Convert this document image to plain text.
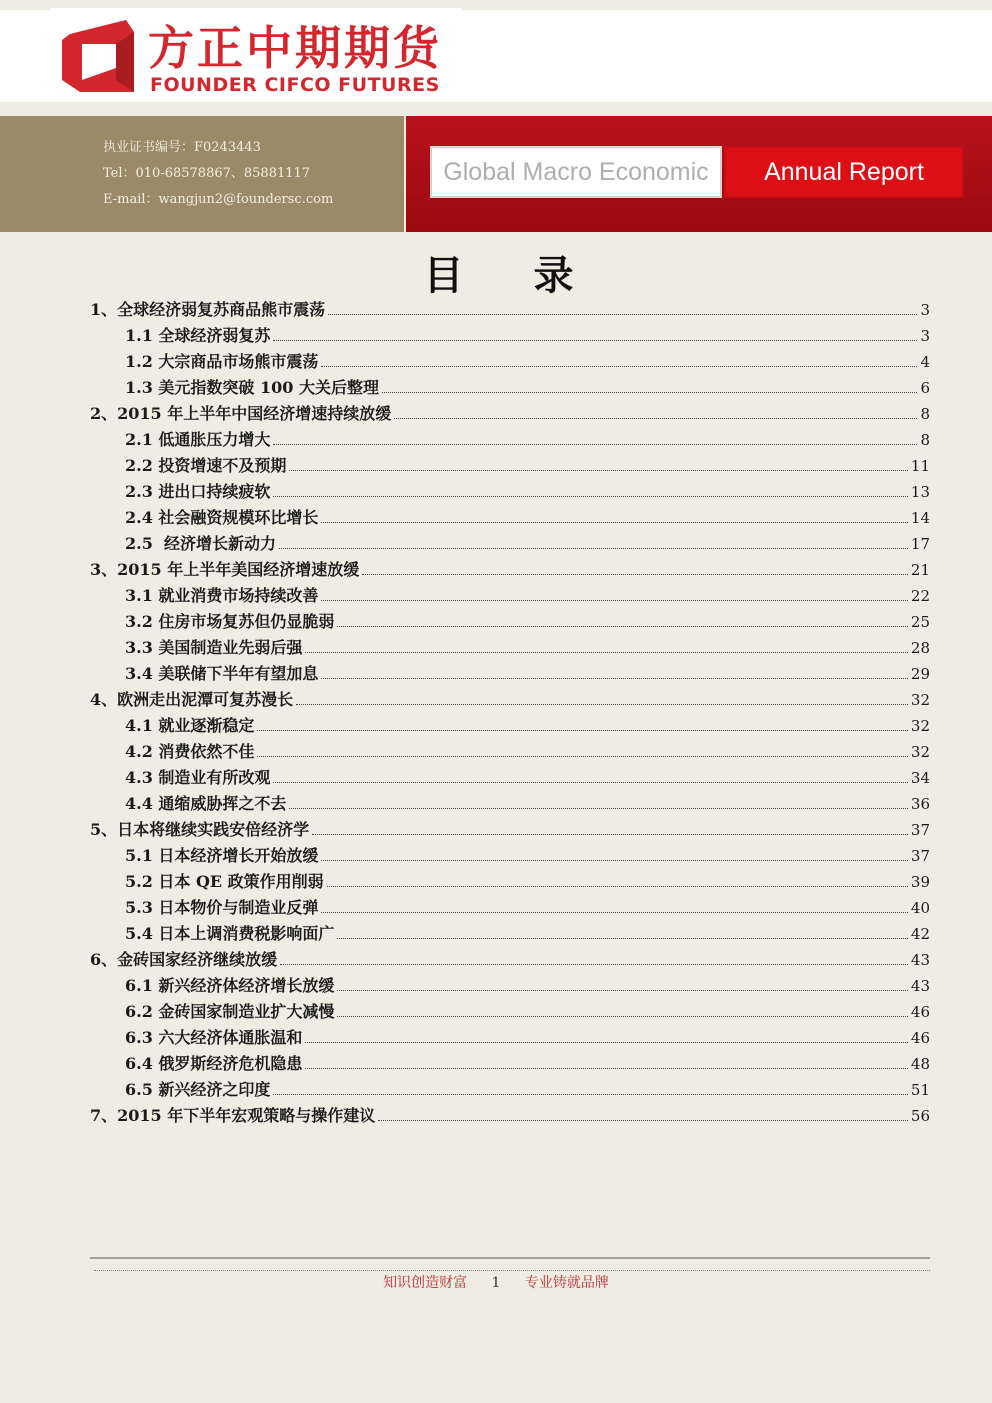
方正中期期货
FOUNDER CIFCO FUTURES
执业证书编号：F0243443
Tel：010-68578867、85881117
E-mail：wangjun2@foundersc.com
Global Macro Economic	Annual Report
目 录
1、全球经济弱复苏商品熊市震荡	3
1.1 全球经济弱复苏	3
1.2 大宗商品市场熊市震荡	4
1.3 美元指数突破 100 大关后整理	6
2、2015 年上半年中国经济增速持续放缓	8
2.1 低通胀压力增大	8
2.2 投资增速不及预期	11
2.3 进出口持续疲软	13
2.4 社会融资规模环比增长	14
2.5  经济增长新动力	17
3、2015 年上半年美国经济增速放缓	21
3.1 就业消费市场持续改善	22
3.2 住房市场复苏但仍显脆弱	25
3.3 美国制造业先弱后强	28
3.4 美联储下半年有望加息	29
4、欧洲走出泥潭可复苏漫长	32
4.1 就业逐渐稳定	32
4.2 消费依然不佳	32
4.3 制造业有所改观	34
4.4 通缩威胁挥之不去	36
5、日本将继续实践安倍经济学	37
5.1 日本经济增长开始放缓	37
5.2 日本 QE 政策作用削弱	39
5.3 日本物价与制造业反弹	40
5.4 日本上调消费税影响面广	42
6、金砖国家经济继续放缓	43
6.1 新兴经济体经济增长放缓	43
6.2 金砖国家制造业扩大减慢	46
6.3 六大经济体通胀温和	46
6.4 俄罗斯经济危机隐患	48
6.5 新兴经济之印度	51
7、2015 年下半年宏观策略与操作建议	56
知识创造财富 1 专业铸就品牌
